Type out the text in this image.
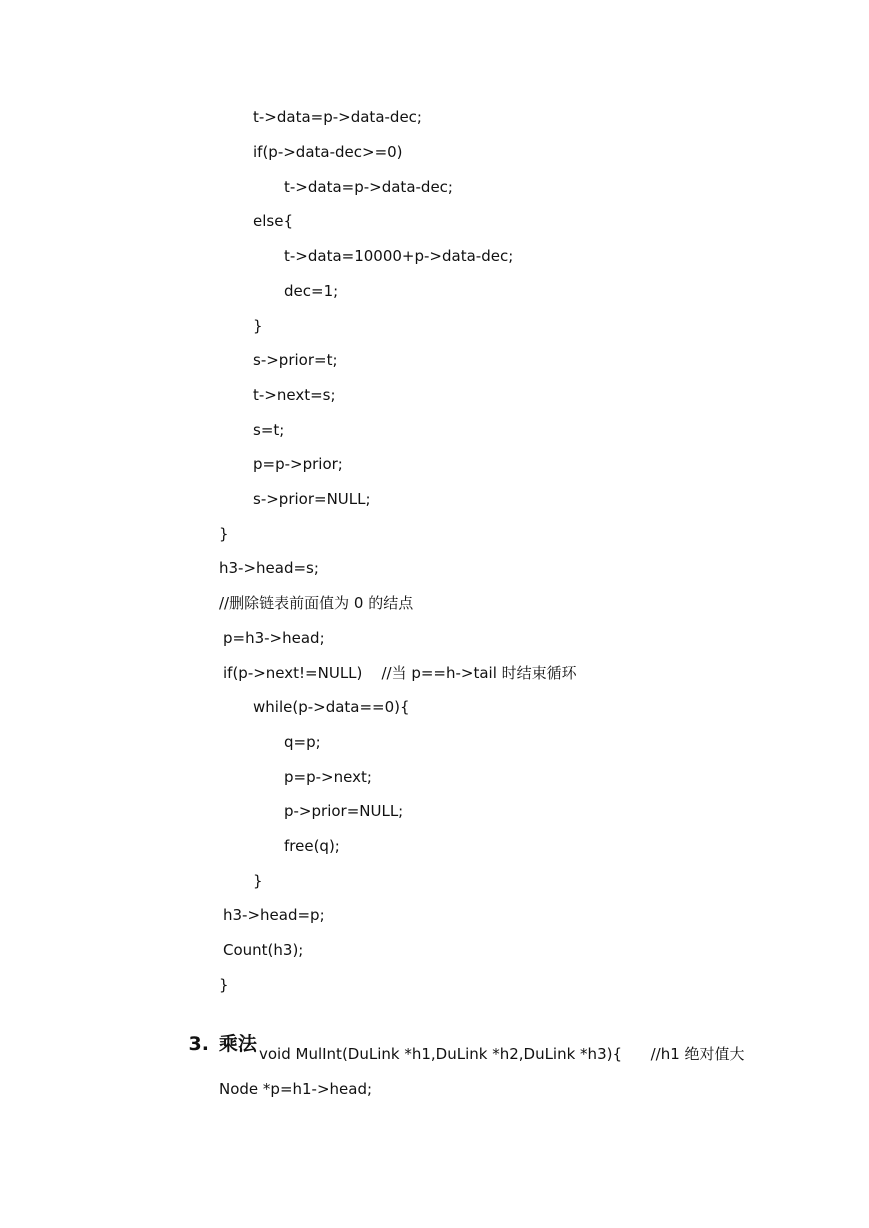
t->data=p->data-dec;
if(p->data-dec>=0)
t->data=p->data-dec;
else{
t->data=10000+p->data-dec;
dec=1;
}
s->prior=t;
t->next=s;
s=t;
p=p->prior;
s->prior=NULL;
}
h3->head=s;
//删除链表前面值为 0 的结点
p=h3->head;
if(p->next!=NULL)    //当 p==h->tail 时结束循环
while(p->data==0){
q=p;
p=p->next;
p->prior=NULL;
free(q);
}
h3->head=p;
Count(h3);
}

3. 乘法
void MulInt(DuLink *h1,DuLink *h2,DuLink *h3){      //h1 绝对值大
Node *p=h1->head;
